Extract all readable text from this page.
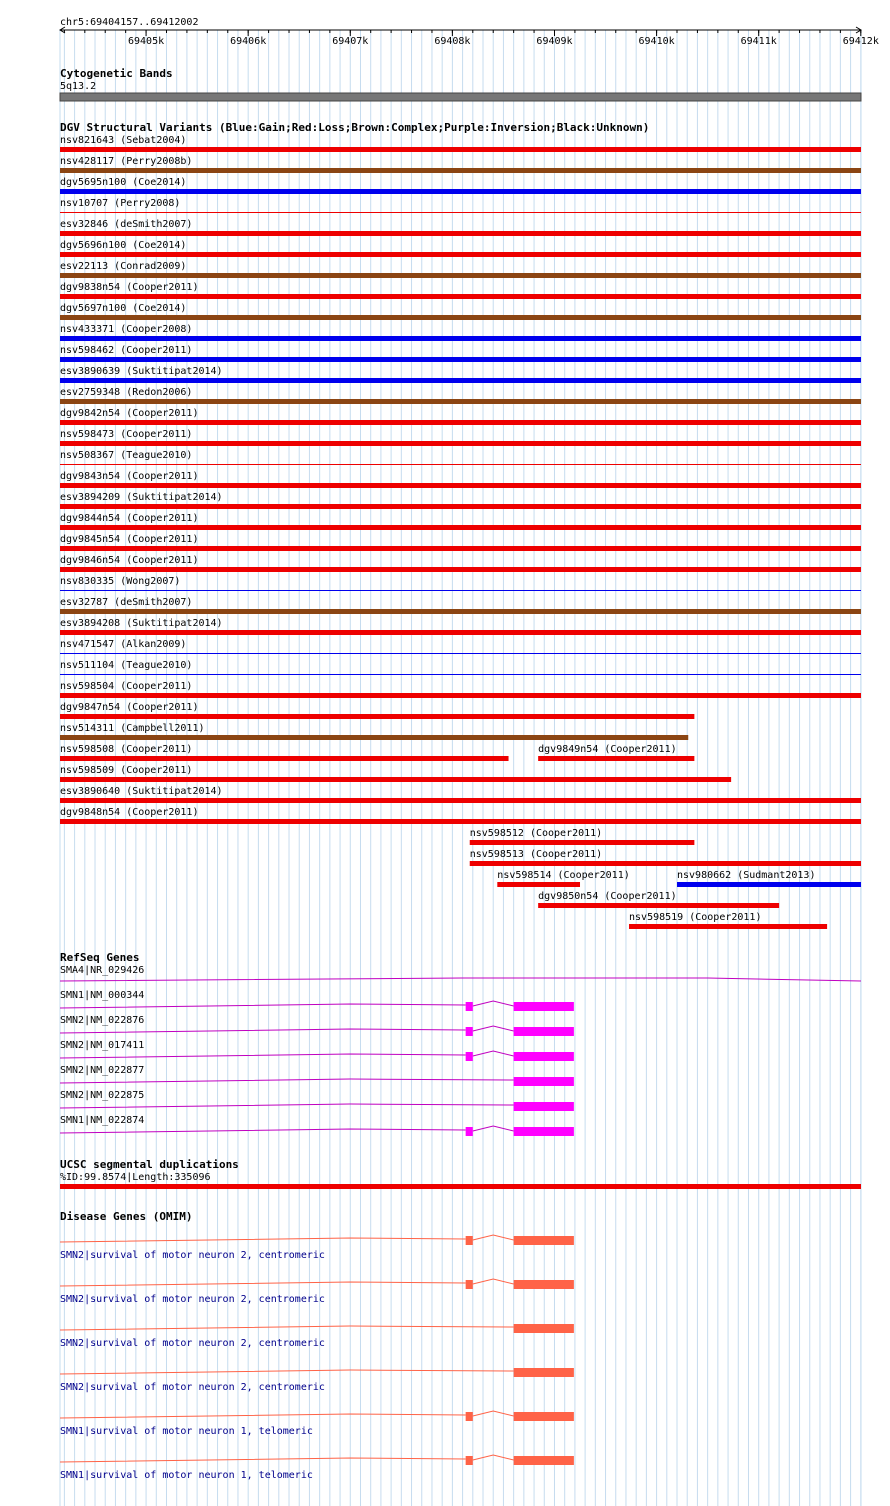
chr5:69404157..69412002
69405k	69406k	69407k	69408k	69409k	69410k	69411k	69412k
Cytogenetic Bands
5q13.2
DGV Structural Variants (Blue:Gain;Red:Loss;Brown:Complex;Purple:Inversion;Black:Unknown)
nsv821643 (Sebat2004)
nsv428117 (Perry2008b)
dgv5695n100 (Coe2014)
nsv10707 (Perry2008)
esv32846 (deSmith2007)
dgv5696n100 (Coe2014)
esv22113 (Conrad2009)
dgv9838n54 (Cooper2011)
dgv5697n100 (Coe2014)
nsv433371 (Cooper2008)
nsv598462 (Cooper2011)
esv3890639 (Suktitipat2014)
esv2759348 (Redon2006)
dgv9842n54 (Cooper2011)
nsv598473 (Cooper2011)
nsv508367 (Teague2010)
dgv9843n54 (Cooper2011)
esv3894209 (Suktitipat2014)
dgv9844n54 (Cooper2011)
dgv9845n54 (Cooper2011)
dgv9846n54 (Cooper2011)
nsv830335 (Wong2007)
esv32787 (deSmith2007)
esv3894208 (Suktitipat2014)
nsv471547 (Alkan2009)
nsv511104 (Teague2010)
nsv598504 (Cooper2011)
dgv9847n54 (Cooper2011)
nsv514311 (Campbell2011)
nsv598508 (Cooper2011)	dgv9849n54 (Cooper2011)
nsv598509 (Cooper2011)
esv3890640 (Suktitipat2014)
dgv9848n54 (Cooper2011)
nsv598512 (Cooper2011)
nsv598513 (Cooper2011)
nsv598514 (Cooper2011)	nsv980662 (Sudmant2013)
dgv9850n54 (Cooper2011)
nsv598519 (Cooper2011)
RefSeq Genes
SMA4|NR_029426
SMN1|NM_000344
SMN2|NM_022876
SMN2|NM_017411
SMN2|NM_022877
SMN2|NM_022875
SMN1|NM_022874
UCSC segmental duplications
%ID:99.8574|Length:335096
Disease Genes (OMIM)
SMN2|survival of motor neuron 2, centromeric
SMN2|survival of motor neuron 2, centromeric
SMN2|survival of motor neuron 2, centromeric
SMN2|survival of motor neuron 2, centromeric
SMN1|survival of motor neuron 1, telomeric
SMN1|survival of motor neuron 1, telomeric
